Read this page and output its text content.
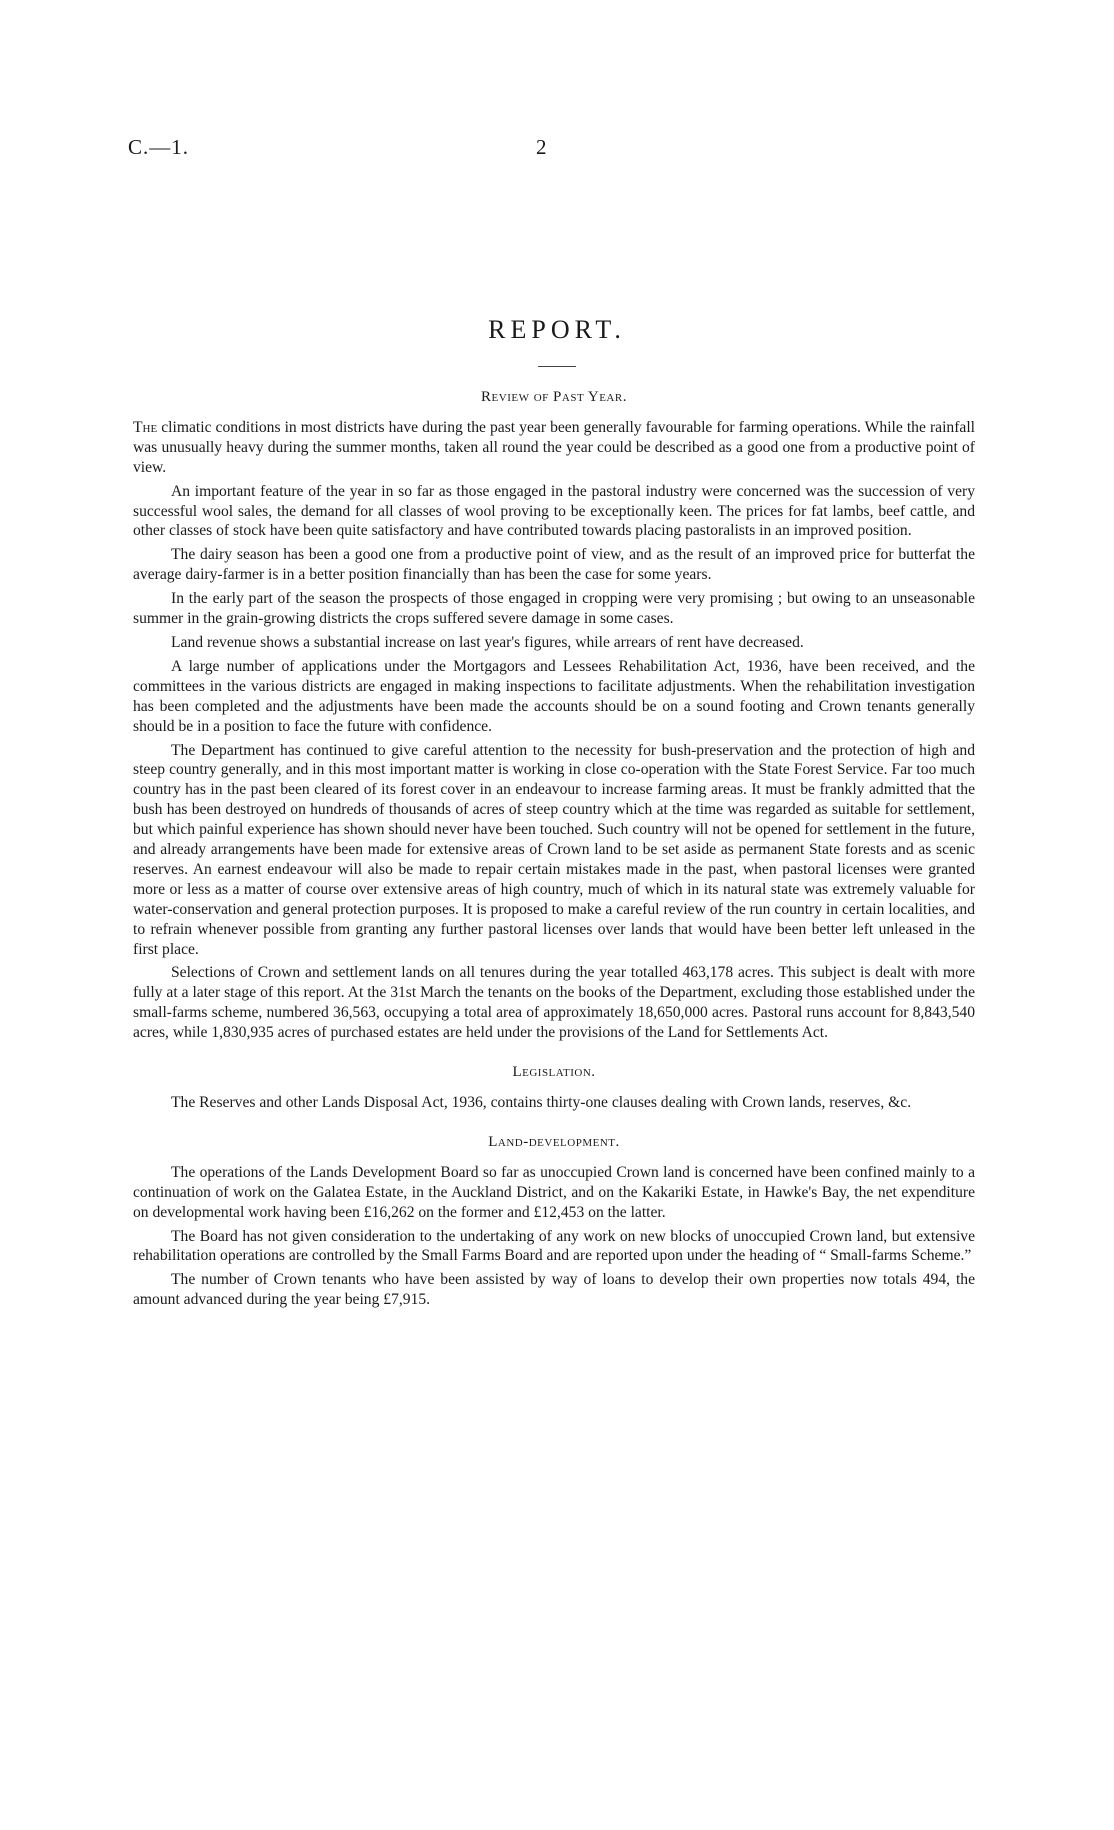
C.—1.	2
REPORT.
Review of Past Year.

The climatic conditions in most districts have during the past year been generally favourable for farming operations. While the rainfall was unusually heavy during the summer months, taken all round the year could be described as a good one from a productive point of view.

An important feature of the year in so far as those engaged in the pastoral industry were concerned was the succession of very successful wool sales, the demand for all classes of wool proving to be exceptionally keen. The prices for fat lambs, beef cattle, and other classes of stock have been quite satisfactory and have contributed towards placing pastoralists in an improved position.

The dairy season has been a good one from a productive point of view, and as the result of an improved price for butterfat the average dairy-farmer is in a better position financially than has been the case for some years.

In the early part of the season the prospects of those engaged in cropping were very promising ; but owing to an unseasonable summer in the grain-growing districts the crops suffered severe damage in some cases.

Land revenue shows a substantial increase on last year's figures, while arrears of rent have decreased.

A large number of applications under the Mortgagors and Lessees Rehabilitation Act, 1936, have been received, and the committees in the various districts are engaged in making inspections to facilitate adjustments. When the rehabilitation investigation has been completed and the adjustments have been made the accounts should be on a sound footing and Crown tenants generally should be in a position to face the future with confidence.

The Department has continued to give careful attention to the necessity for bush-preservation and the protection of high and steep country generally, and in this most important matter is working in close co-operation with the State Forest Service. Far too much country has in the past been cleared of its forest cover in an endeavour to increase farming areas. It must be frankly admitted that the bush has been destroyed on hundreds of thousands of acres of steep country which at the time was regarded as suitable for settlement, but which painful experience has shown should never have been touched. Such country will not be opened for settlement in the future, and already arrangements have been made for extensive areas of Crown land to be set aside as permanent State forests and as scenic reserves. An earnest endeavour will also be made to repair certain mistakes made in the past, when pastoral licenses were granted more or less as a matter of course over extensive areas of high country, much of which in its natural state was extremely valuable for water-conservation and general protection purposes. It is proposed to make a careful review of the run country in certain localities, and to refrain whenever possible from granting any further pastoral licenses over lands that would have been better left unleased in the first place.

Selections of Crown and settlement lands on all tenures during the year totalled 463,178 acres. This subject is dealt with more fully at a later stage of this report. At the 31st March the tenants on the books of the Department, excluding those established under the small-farms scheme, numbered 36,563, occupying a total area of approximately 18,650,000 acres. Pastoral runs account for 8,843,540 acres, while 1,830,935 acres of purchased estates are held under the provisions of the Land for Settlements Act.

Legislation.

The Reserves and other Lands Disposal Act, 1936, contains thirty-one clauses dealing with Crown lands, reserves, &c.

Land-development.

The operations of the Lands Development Board so far as unoccupied Crown land is concerned have been confined mainly to a continuation of work on the Galatea Estate, in the Auckland District, and on the Kakariki Estate, in Hawke's Bay, the net expenditure on developmental work having been £16,262 on the former and £12,453 on the latter.

The Board has not given consideration to the undertaking of any work on new blocks of unoccupied Crown land, but extensive rehabilitation operations are controlled by the Small Farms Board and are reported upon under the heading of “ Small-farms Scheme.”

The number of Crown tenants who have been assisted by way of loans to develop their own properties now totals 494, the amount advanced during the year being £7,915.
